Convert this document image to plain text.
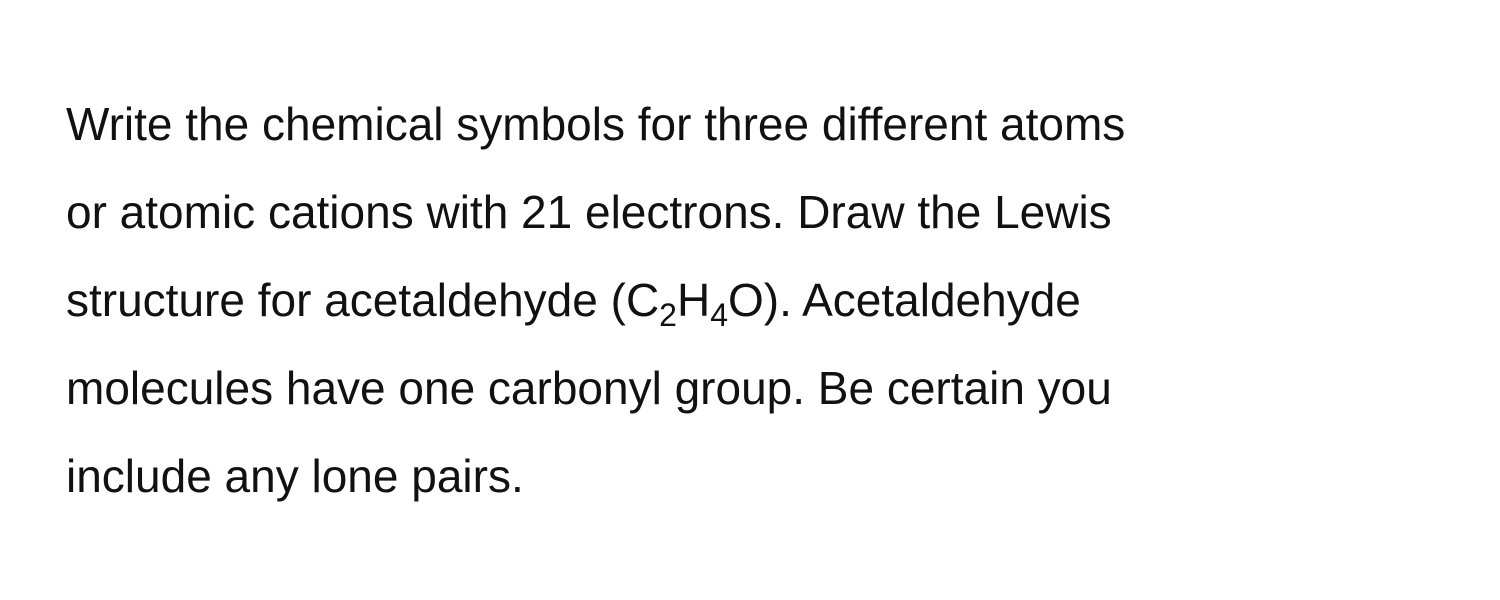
Write the chemical symbols for three different atoms
or atomic cations with 21 electrons. Draw the Lewis
structure for acetaldehyde $(C_2H_4O)$. Acetaldehyde
molecules have one carbonyl group. Be certain you
include any lone pairs.
